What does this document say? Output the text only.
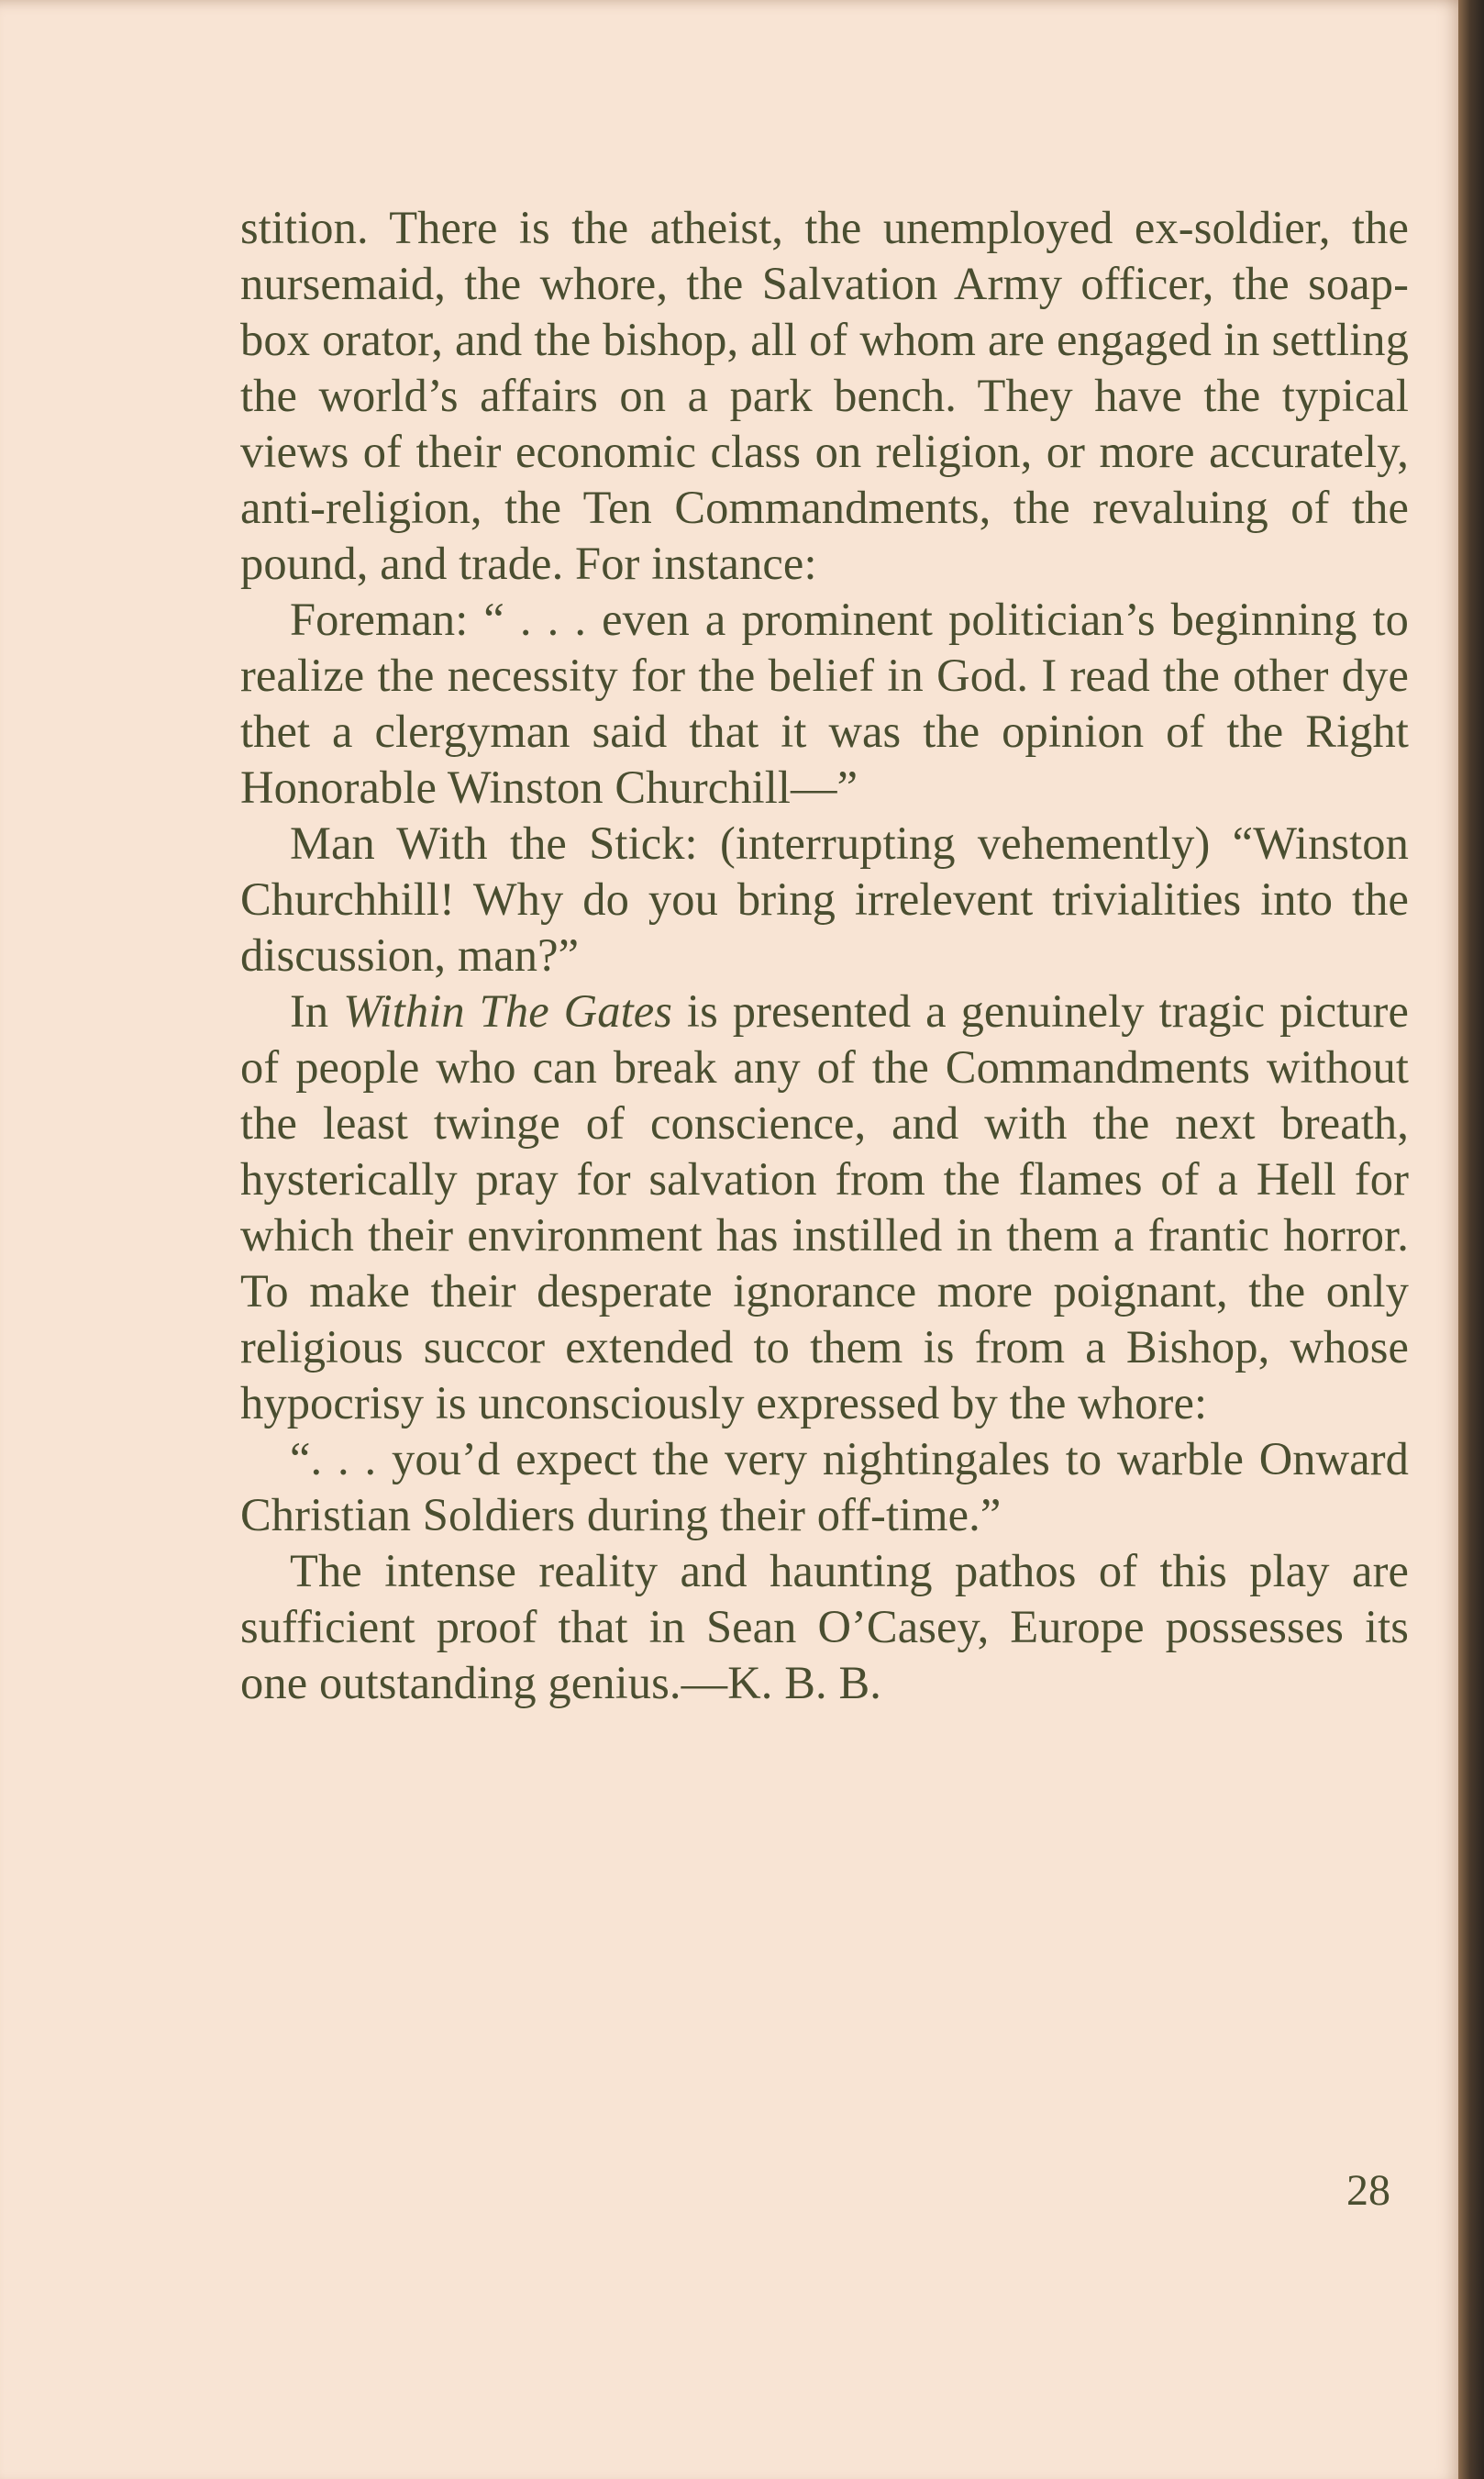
stition. There is the atheist, the unemployed ex-soldier, the nursemaid, the whore, the Salvation Army officer, the soap-box orator, and the bishop, all of whom are engaged in settling the world’s affairs on a park bench. They have the typical views of their economic class on religion, or more accurately, anti-religion, the Ten Commandments, the revaluing of the pound, and trade. For instance:

Foreman: “ . . . even a prominent politician’s beginning to realize the necessity for the belief in God. I read the other dye thet a clergyman said that it was the opinion of the Right Honorable Winston Churchill—”

Man With the Stick: (interrupting vehemently) “Winston Churchhill! Why do you bring irrelevent trivialities into the discussion, man?”

In Within The Gates is presented a genuinely tragic picture of people who can break any of the Commandments without the least twinge of conscience, and with the next breath, hysterically pray for salvation from the flames of a Hell for which their environment has instilled in them a frantic horror. To make their desperate ignorance more poignant, the only religious succor extended to them is from a Bishop, whose hypocrisy is unconsciously expressed by the whore:

“. . . you’d expect the very nightingales to warble Onward Christian Soldiers during their off-time.”

The intense reality and haunting pathos of this play are sufficient proof that in Sean O’Casey, Europe possesses its one outstanding genius.—K. B. B.

28
